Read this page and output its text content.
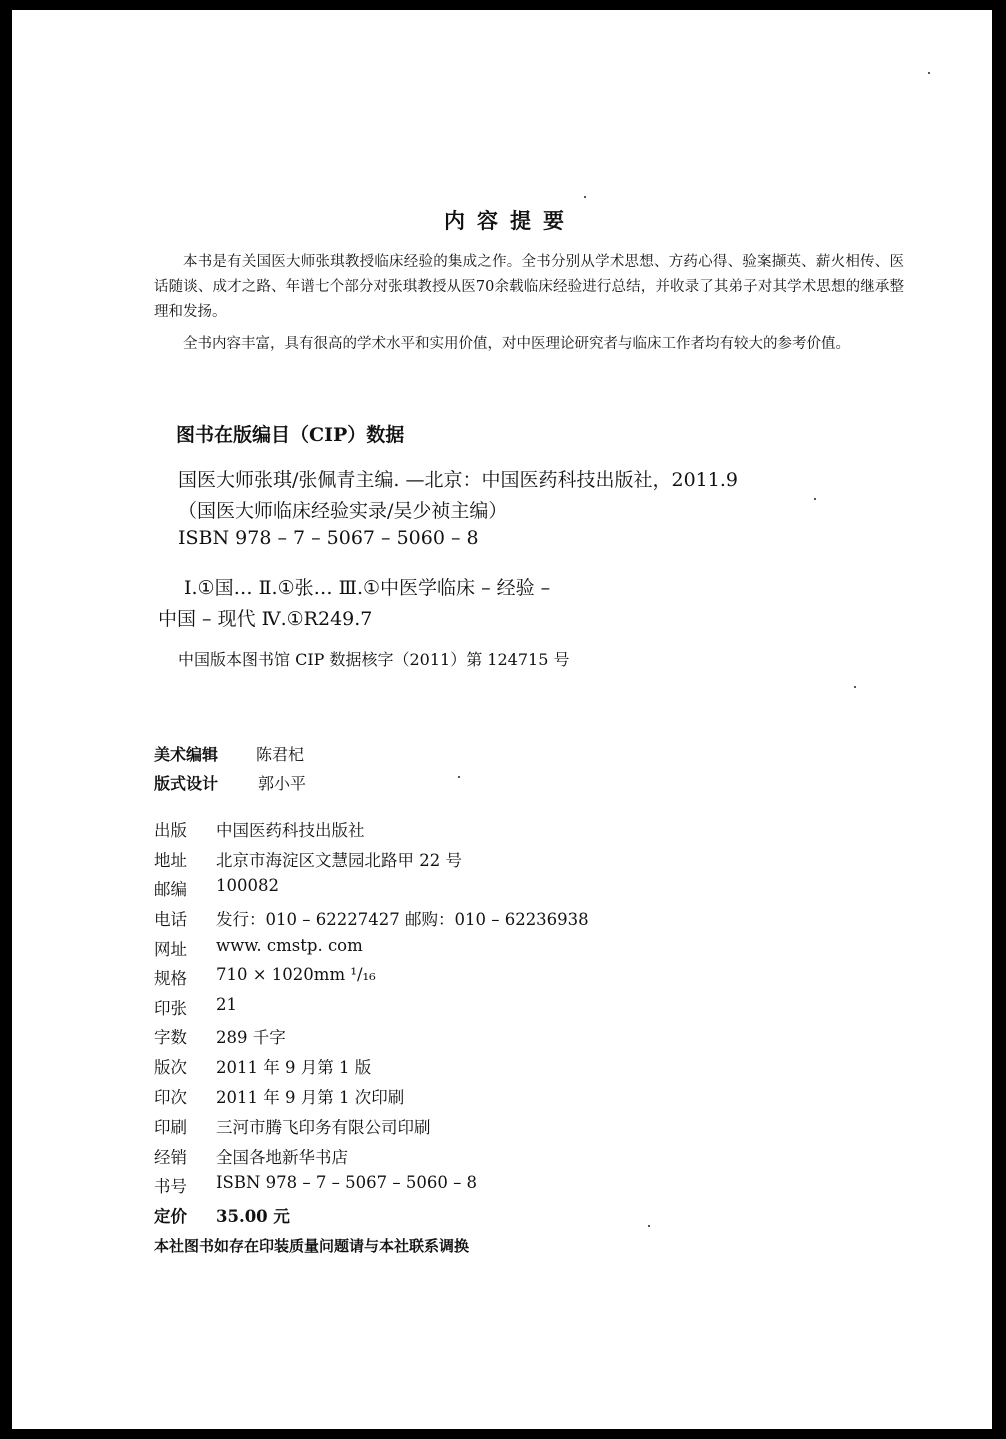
内容提要
本书是有关国医大师张琪教授临床经验的集成之作。全书分别从学术思想、方药心得、验案撷英、薪火相传、医话随谈、成才之路、年谱七个部分对张琪教授从医70余载临床经验进行总结，并收录了其弟子对其学术思想的继承整理和发扬。
全书内容丰富，具有很高的学术水平和实用价值，对中医理论研究者与临床工作者均有较大的参考价值。
图书在版编目（CIP）数据
国医大师张琪/张佩青主编. —北京：中国医药科技出版社，2011.9
（国医大师临床经验实录/吴少祯主编）
ISBN 978 – 7 – 5067 – 5060 – 8
Ⅰ.①国… Ⅱ.①张… Ⅲ.①中医学临床 – 经验 –
中国 – 现代 Ⅳ.①R249.7
中国版本图书馆 CIP 数据核字（2011）第 124715 号
美术编辑 陈君杞
版式设计 郭小平
出版 中国医药科技出版社
地址 北京市海淀区文慧园北路甲 22 号
邮编 100082
电话 发行：010 – 62227427 邮购：010 – 62236938
网址 www. cmstp. com
规格 710 × 1020mm ¹/₁₆
印张 21
字数 289 千字
版次 2011 年 9 月第 1 版
印次 2011 年 9 月第 1 次印刷
印刷 三河市腾飞印务有限公司印刷
经销 全国各地新华书店
书号 ISBN 978 – 7 – 5067 – 5060 – 8
定价 35.00 元
本社图书如存在印装质量问题请与本社联系调换
